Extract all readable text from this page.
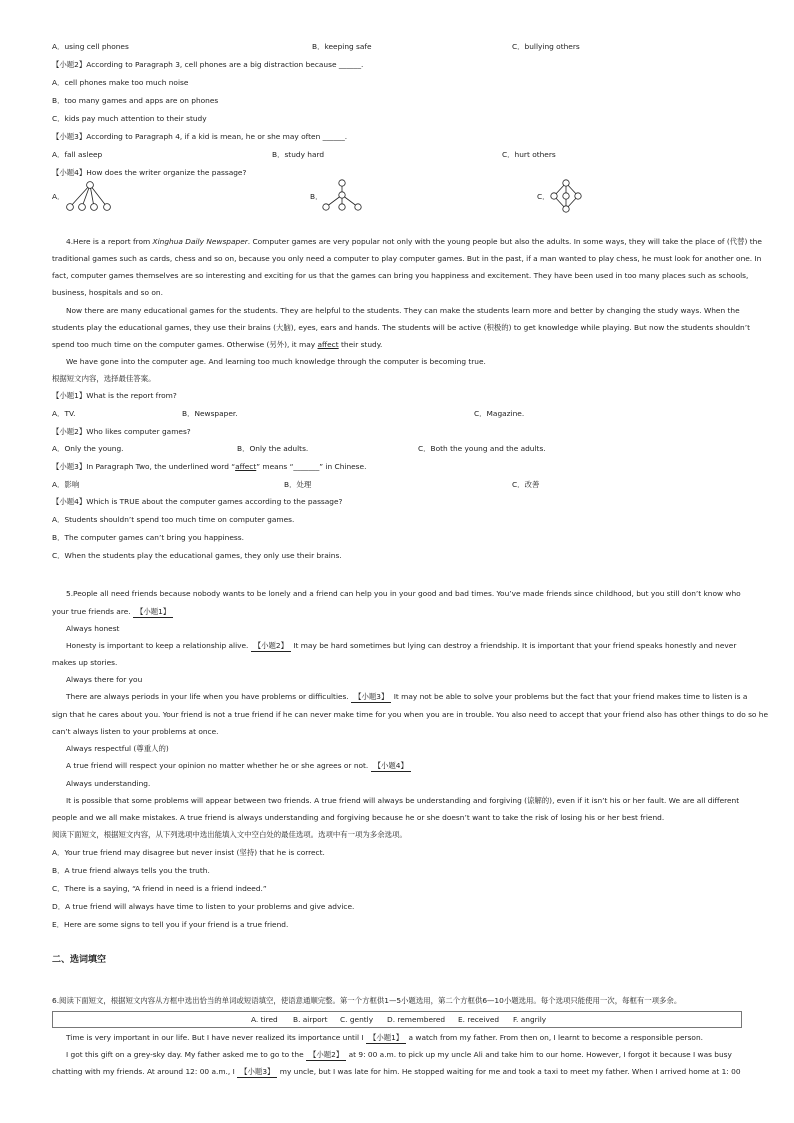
A．using cell phones	B．keeping safe	C．bullying others
【小题2】According to Paragraph 3, cell phones are a big distraction because ______.
A．cell phones make too much noise
B．too many games and apps are on phones
C．kids pay much attention to their study
【小题3】According to Paragraph 4, if a kid is mean, he or she may often ______.
A．fall asleep	B．study hard	C．hurt others
【小题4】How does the writer organize the passage?
A．	B．	C．
4.Here is a report from Xinghua Daily Newspaper. Computer games are very popular not only with the young people but also the adults. In some ways, they will take the place of (代替) the
traditional games such as cards, chess and so on, because you only need a computer to play computer games. But in the past, if a man wanted to play chess, he must look for another one. In
fact, computer games themselves are so interesting and exciting for us that the games can bring you happiness and excitement. They have been used in too many places such as schools,
business, hospitals and so on.
Now there are many educational games for the students. They are helpful to the students. They can make the students learn more and better by changing the study ways. When the
students play the educational games, they use their brains (大脑), eyes, ears and hands. The students will be active (积极的) to get knowledge while playing. But now the students shouldn’t
spend too much time on the computer games. Otherwise (另外), it may affect their study.
We have gone into the computer age. And learning too much knowledge through the computer is becoming true.
根据短文内容，选择最佳答案。
【小题1】What is the report from?
A．TV.	B．Newspaper.	C．Magazine.
【小题2】Who likes computer games?
A．Only the young.	B．Only the adults.	C．Both the young and the adults.
【小题3】In Paragraph Two, the underlined word “affect” means “_______” in Chinese.
A．影响	B．处理	C．改善
【小题4】Which is TRUE about the computer games according to the passage?
A．Students shouldn’t spend too much time on computer games.
B．The computer games can’t bring you happiness.
C．When the students play the educational games, they only use their brains.
5.People all need friends because nobody wants to be lonely and a friend can help you in your good and bad times. You’ve made friends since childhood, but you still don’t know who
your true friends are. 【小题1】
Always honest
Honesty is important to keep a relationship alive. 【小题2】 It may be hard sometimes but lying can destroy a friendship. It is important that your friend speaks honestly and never
makes up stories.
Always there for you
There are always periods in your life when you have problems or difficulties. 【小题3】 It may not be able to solve your problems but the fact that your friend makes time to listen is a
sign that he cares about you. Your friend is not a true friend if he can never make time for you when you are in trouble. You also need to accept that your friend also has other things to do so he
can’t always listen to your problems at once.
Always respectful (尊重人的)
A true friend will respect your opinion no matter whether he or she agrees or not. 【小题4】
Always understanding.
It is possible that some problems will appear between two friends. A true friend will always be understanding and forgiving (谅解的), even if it isn’t his or her fault. We are all different
people and we all make mistakes. A true friend is always understanding and forgiving because he or she doesn’t want to take the risk of losing his or her best friend.
阅读下面短文，根据短文内容，从下列选项中选出能填入文中空白处的最佳选项。选项中有一项为多余选项。
A．Your true friend may disagree but never insist (坚持) that he is correct.
B．A true friend always tells you the truth.
C．There is a saying, “A friend in need is a friend indeed.”
D．A true friend will always have time to listen to your problems and give advice.
E．Here are some signs to tell you if your friend is a true friend.
二、选词填空
6.阅读下面短文，根据短文内容从方框中选出恰当的单词或短语填空，使语意通顺完整。第一个方框供1—5小题选用，第二个方框供6—10小题选用。每个选项只能使用一次，每框有一项多余。
A. tired B. airport C. gently D. remembered E. received F. angrily
Time is very important in our life. But I have never realized its importance until I 【小题1】 a watch from my father. From then on, I learnt to become a responsible person.
I got this gift on a grey-sky day. My father asked me to go to the 【小题2】 at 9: 00 a.m. to pick up my uncle Ali and take him to our home. However, I forgot it because I was busy
chatting with my friends. At around 12: 00 a.m., I 【小题3】 my uncle, but I was late for him. He stopped waiting for me and took a taxi to meet my father. When I arrived home at 1: 00
